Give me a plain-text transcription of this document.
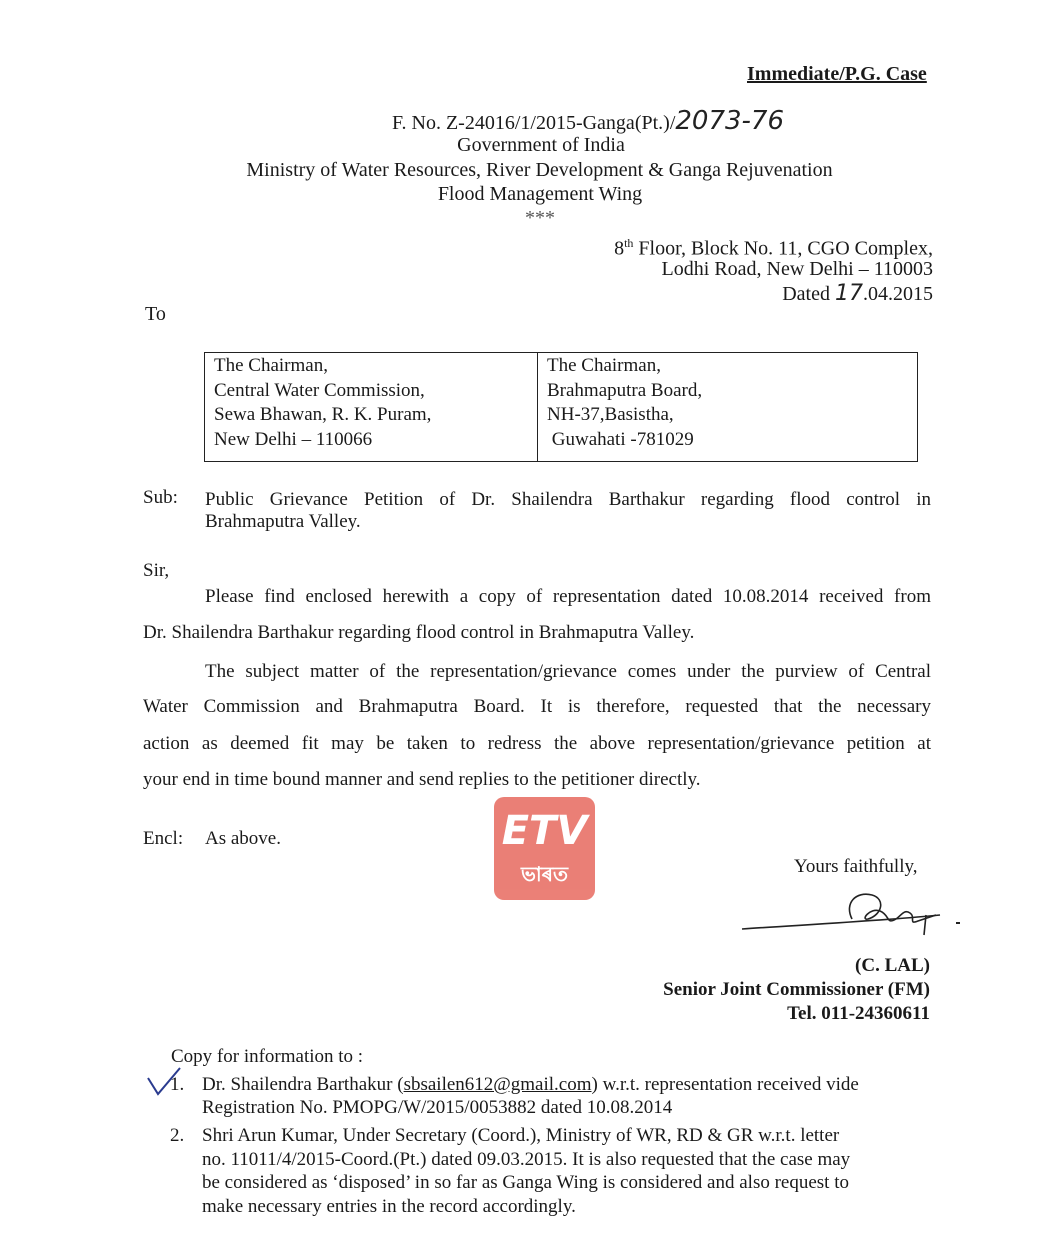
Immediate/P.G. Case
F. No. Z-24016/1/2015-Ganga(Pt.)/2073-76
Government of India
Ministry of Water Resources, River Development & Ganga Rejuvenation
Flood Management Wing
***
8th Floor, Block No. 11, CGO Complex,
Lodhi Road, New Delhi – 110003
Dated 17.04.2015
To
The Chairman,
Central Water Commission,
Sewa Bhawan, R. K. Puram,
New Delhi – 110066

The Chairman,
Brahmaputra Board,
NH-37,Basistha,
Guwahati -781029
Sub: Public Grievance Petition of Dr. Shailendra Barthakur regarding flood control in
Brahmaputra Valley.
Sir,
Please find enclosed herewith a copy of representation dated 10.08.2014 received from
Dr. Shailendra Barthakur regarding flood control in Brahmaputra Valley.
The subject matter of the representation/grievance comes under the purview of Central
Water Commission and Brahmaputra Board. It is therefore, requested that the necessary
action as deemed fit may be taken to redress the above representation/grievance petition at
your end in time bound manner and send replies to the petitioner directly.
Encl: As above.	ETV
ভাৰত	Yours faithfully,
(C. LAL)
Senior Joint Commissioner (FM)
Tel. 011-24360611
Copy for information to :
1. Dr. Shailendra Barthakur (sbsailen612@gmail.com) w.r.t. representation received vide
Registration No. PMOPG/W/2015/0053882 dated 10.08.2014
2. Shri Arun Kumar, Under Secretary (Coord.), Ministry of WR, RD & GR w.r.t. letter
no. 11011/4/2015-Coord.(Pt.) dated 09.03.2015. It is also requested that the case may
be considered as ‘disposed’ in so far as Ganga Wing is considered and also request to
make necessary entries in the record accordingly.
